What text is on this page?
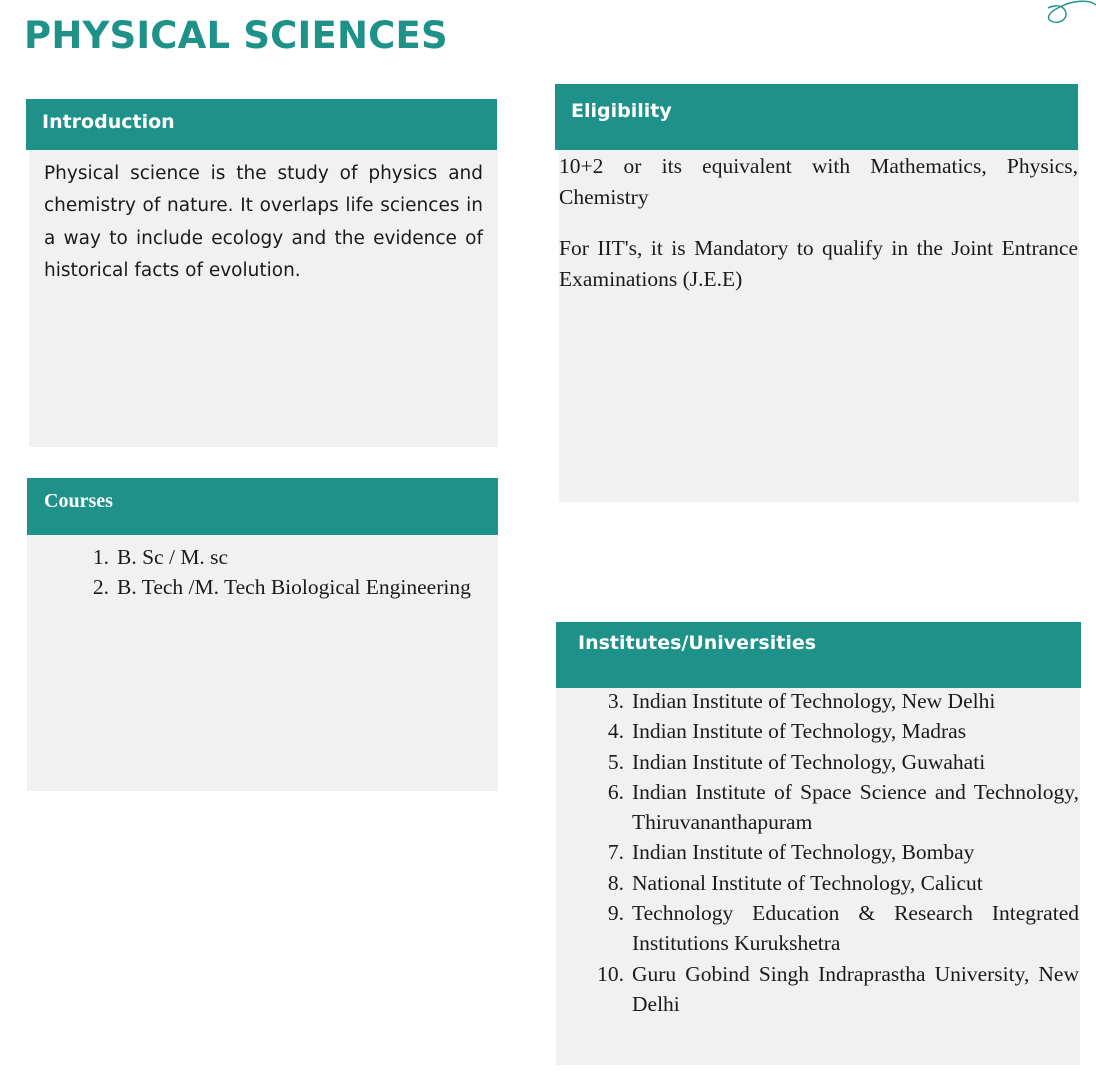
PHYSICAL SCIENCES
Introduction

Physical science is the study of physics and chemistry of nature. It overlaps life sciences in a way to include ecology and the evidence of historical facts of evolution.

Eligibility

10+2 or its equivalent with Mathematics, Physics, Chemistry

For IIT's, it is Mandatory to qualify in the Joint Entrance Examinations (J.E.E)

Courses
1. B. Sc / M. sc
2. B. Tech /M. Tech Biological Engineering
Institutes/Universities
3. Indian Institute of Technology, New Delhi
4. Indian Institute of Technology, Madras
5. Indian Institute of Technology, Guwahati
6. Indian Institute of Space Science and Technology, Thiruvananthapuram
7. Indian Institute of Technology, Bombay
8. National Institute of Technology, Calicut
9. Technology Education & Research Integrated Institutions Kurukshetra
10. Guru Gobind Singh Indraprastha University, New Delhi
